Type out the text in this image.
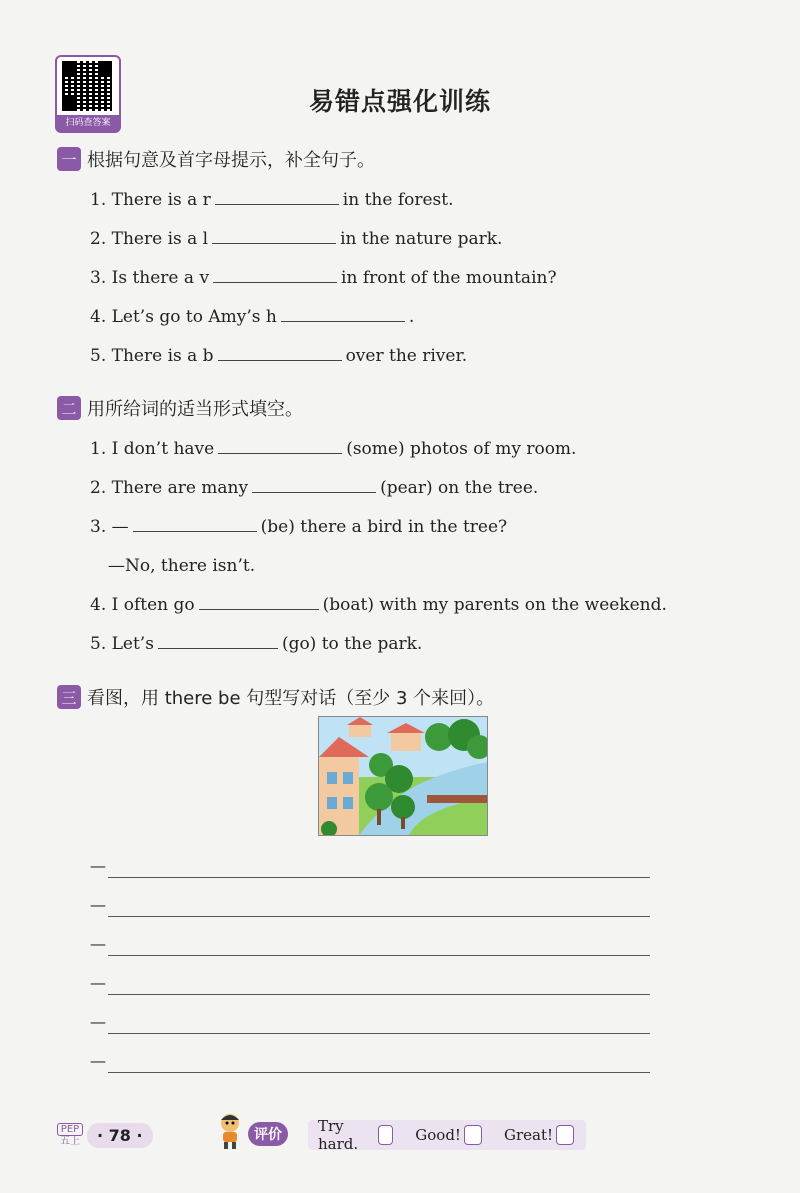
扫码查答案
易错点强化训练
一 根据句意及首字母提示，补全句子。
1. There is a r	in the forest.
2. There is a l	in the nature park.
3. Is there a v	in front of the mountain?
4. Let’s go to Amy’s h	.
5. There is a b	over the river.
二 用所给词的适当形式填空。
1. I don’t have	(some) photos of my room.
2. There are many	(pear) on the tree.
3. —	(be) there a bird in the tree?
—No, there isn’t.
4. I often go	(boat) with my parents on the weekend.
5. Let’s	(go) to the park.
三 看图，用 there be 句型写对话（至少 3 个来回）。
—
—
—
—
—
—
PEP
五上	· 78 ·	评价	Try hard.	Good!	Great!
